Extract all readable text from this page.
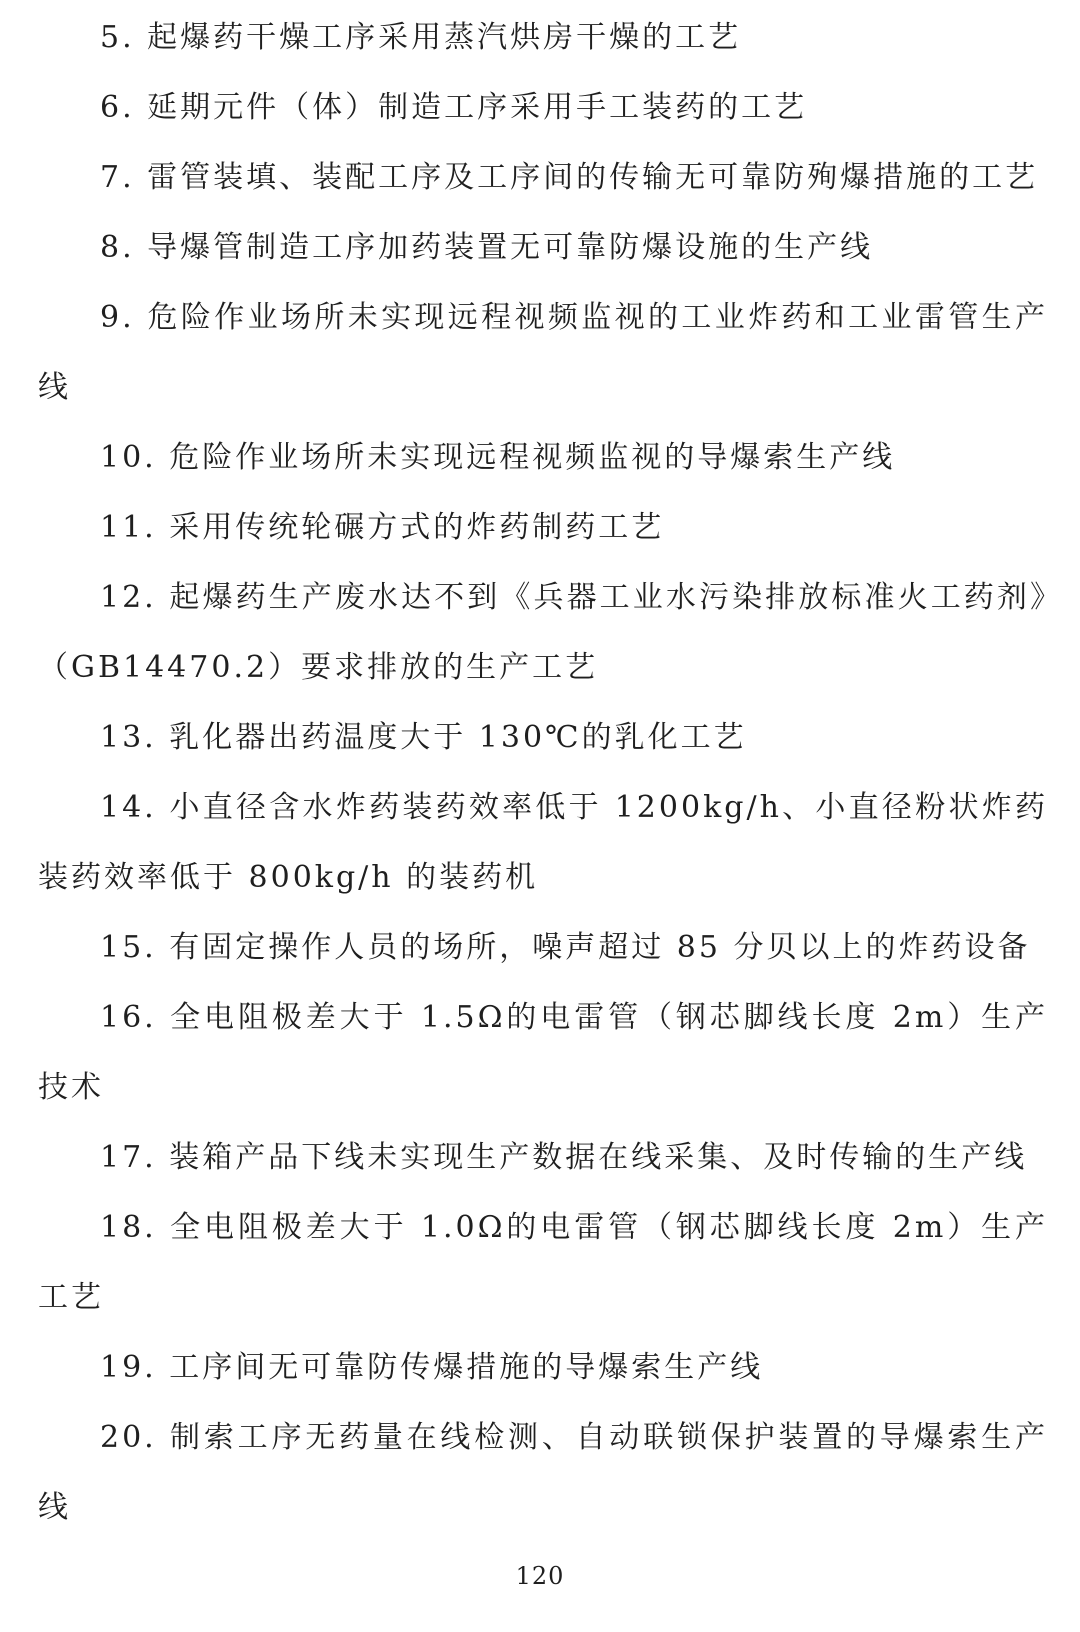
5. 起爆药干燥工序采用蒸汽烘房干燥的工艺

6. 延期元件（体）制造工序采用手工装药的工艺

7. 雷管装填、装配工序及工序间的传输无可靠防殉爆措施的工艺

8. 导爆管制造工序加药装置无可靠防爆设施的生产线

9. 危险作业场所未实现远程视频监视的工业炸药和工业雷管生产线

10. 危险作业场所未实现远程视频监视的导爆索生产线

11. 采用传统轮碾方式的炸药制药工艺

12. 起爆药生产废水达不到《兵器工业水污染排放标准火工药剂》（GB14470.2）要求排放的生产工艺

13. 乳化器出药温度大于 130℃的乳化工艺

14. 小直径含水炸药装药效率低于 1200kg/h、小直径粉状炸药装药效率低于 800kg/h 的装药机

15. 有固定操作人员的场所，噪声超过 85 分贝以上的炸药设备

16. 全电阻极差大于 1.5Ω的电雷管（钢芯脚线长度 2m）生产技术

17. 装箱产品下线未实现生产数据在线采集、及时传输的生产线

18. 全电阻极差大于 1.0Ω的电雷管（钢芯脚线长度 2m）生产工艺

19. 工序间无可靠防传爆措施的导爆索生产线

20. 制索工序无药量在线检测、自动联锁保护装置的导爆索生产线

120
